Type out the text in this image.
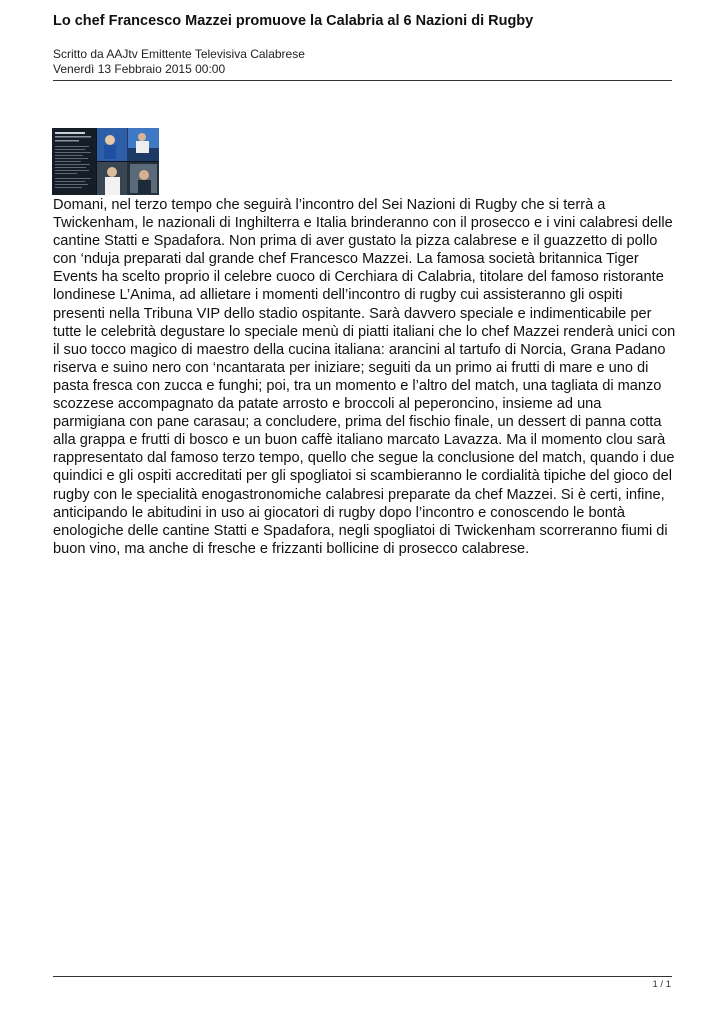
Lo chef Francesco Mazzei promuove la Calabria al 6 Nazioni di Rugby
Scritto da AAJtv Emittente Televisiva Calabrese
Venerdì 13 Febbraio 2015 00:00
Domani, nel terzo tempo che seguirà l’incontro del Sei Nazioni di Rugby che si terrà a Twickenham, le nazionali di Inghilterra e Italia brinderanno con il prosecco e i vini calabresi delle cantine Statti e Spadafora. Non prima di aver gustato la pizza calabrese e il guazzetto di pollo con ‘nduja preparati dal grande chef Francesco Mazzei. La famosa società britannica Tiger Events ha scelto proprio il celebre cuoco di Cerchiara di Calabria, titolare del famoso ristorante londinese L’Anima, ad allietare i momenti dell’incontro di rugby cui assisteranno gli ospiti presenti nella Tribuna VIP dello stadio ospitante. Sarà davvero speciale e indimenticabile per tutte le celebrità degustare lo speciale menù di piatti italiani che lo chef Mazzei renderà unici con il suo tocco magico di maestro della cucina italiana: arancini al tartufo di Norcia, Grana Padano riserva e suino nero con ‘ncantarata per iniziare; seguiti da un primo ai frutti di mare e uno di pasta fresca con zucca e funghi; poi, tra un momento e l’altro del match, una tagliata di manzo scozzese accompagnato da patate arrosto e broccoli al peperoncino, insieme ad una parmigiana con pane carasau; a concludere, prima del fischio finale, un dessert di panna cotta alla grappa e frutti di bosco e un buon caffè italiano marcato Lavazza. Ma il momento clou sarà rappresentato dal famoso terzo tempo, quello che segue la conclusione del match, quando i due quindici e gli ospiti accreditati per gli spogliatoi si scambieranno le cordialità tipiche del gioco del rugby con le specialità enogastronomiche calabresi preparate da chef Mazzei. Si è certi, infine, anticipando le abitudini in uso ai giocatori di rugby dopo l’incontro e conoscendo le bontà enologiche delle cantine Statti e Spadafora, negli spogliatoi di Twickenham scorreranno fiumi di buon vino, ma anche di fresche e frizzanti bollicine di prosecco calabrese.
1 / 1
